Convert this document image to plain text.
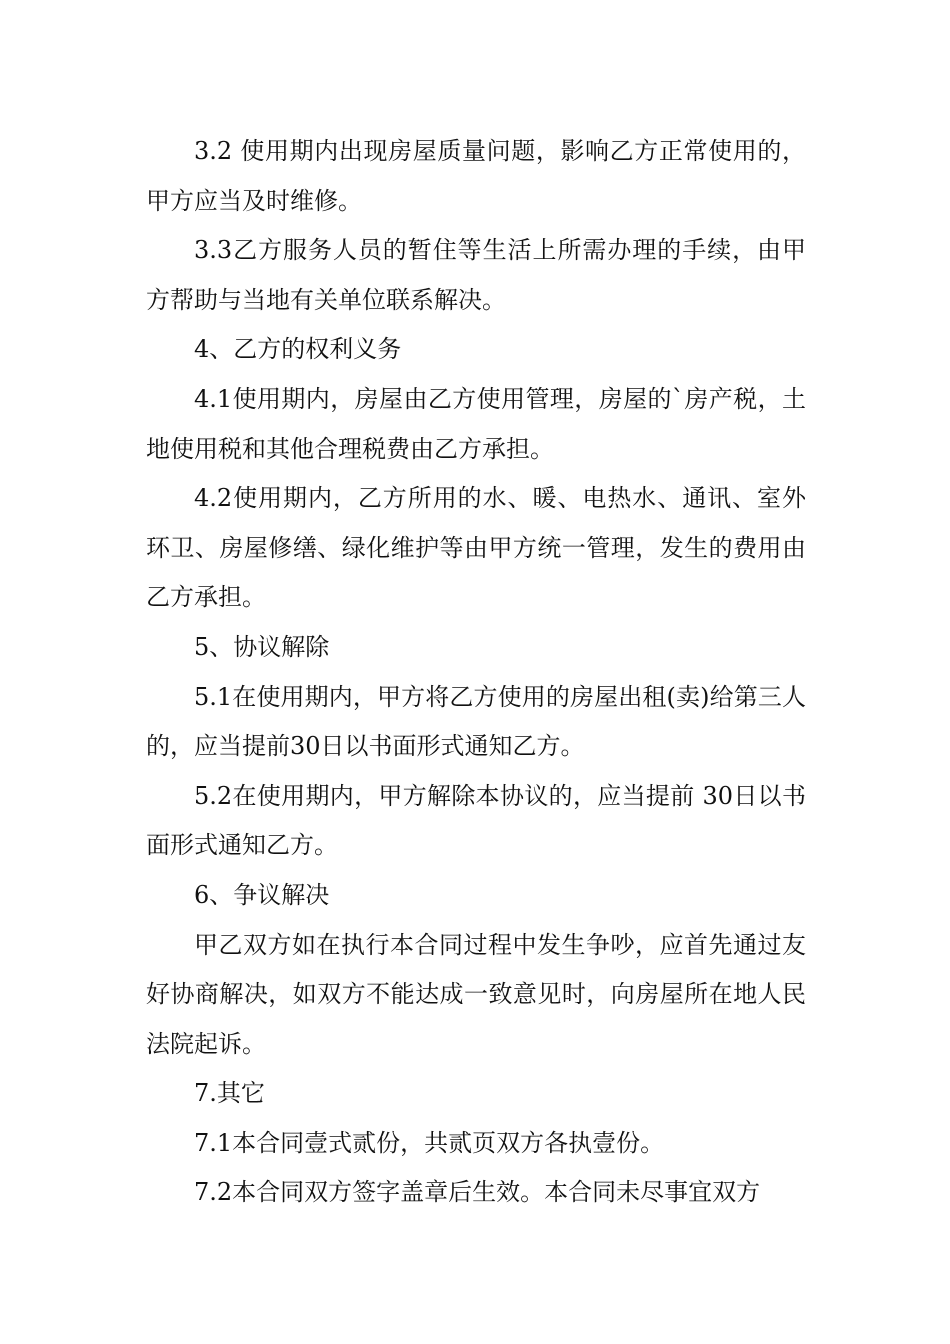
3.2 使用期内出现房屋质量问题，影响乙方正常使用的，甲方应当及时维修。

3.3乙方服务人员的暂住等生活上所需办理的手续，由甲方帮助与当地有关单位联系解决。

4、乙方的权利义务

4.1使用期内，房屋由乙方使用管理，房屋的`房产税，土地使用税和其他合理税费由乙方承担。

4.2使用期内，乙方所用的水、暖、电热水、通讯、室外环卫、房屋修缮、绿化维护等由甲方统一管理，发生的费用由乙方承担。

5、协议解除

5.1在使用期内，甲方将乙方使用的房屋出租(卖)给第三人的，应当提前30日以书面形式通知乙方。

5.2在使用期内，甲方解除本协议的，应当提前 30日以书面形式通知乙方。

6、争议解决

甲乙双方如在执行本合同过程中发生争吵，应首先通过友好协商解决，如双方不能达成一致意见时，向房屋所在地人民法院起诉。

7.其它

7.1本合同壹式贰份，共贰页双方各执壹份。

7.2本合同双方签字盖章后生效。本合同未尽事宜双方
